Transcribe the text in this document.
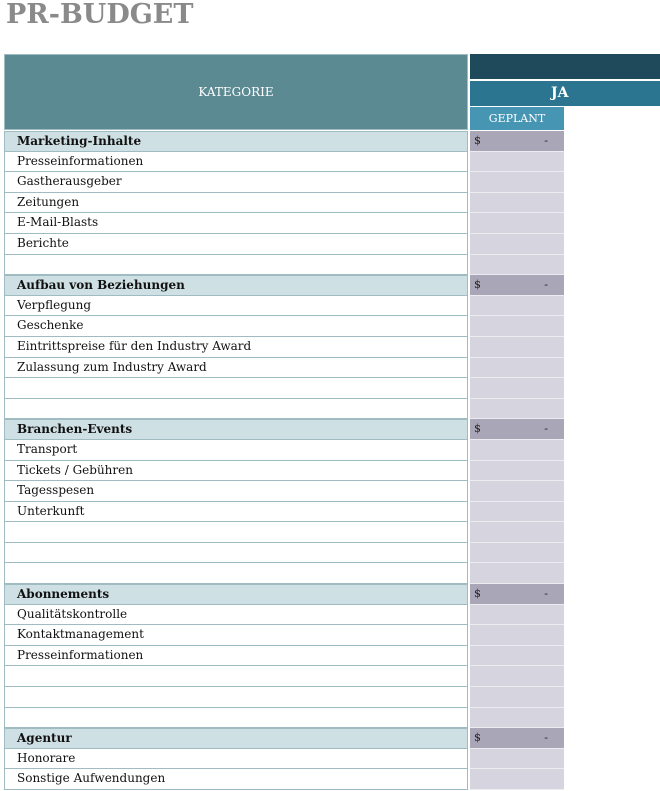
PR-BUDGET
KATEGORIE	JA
GEPLANT
Marketing-Inhalte	$	-
Presseinformationen
Gastherausgeber
Zeitungen
E-Mail-Blasts
Berichte
Aufbau von Beziehungen	$	-
Verpflegung
Geschenke
Eintrittspreise für den Industry Award
Zulassung zum Industry Award
Branchen-Events	$	-
Transport
Tickets / Gebühren
Tagesspesen
Unterkunft
Abonnements	$	-
Qualitätskontrolle
Kontaktmanagement
Presseinformationen
Agentur	$	-
Honorare
Sonstige Aufwendungen
